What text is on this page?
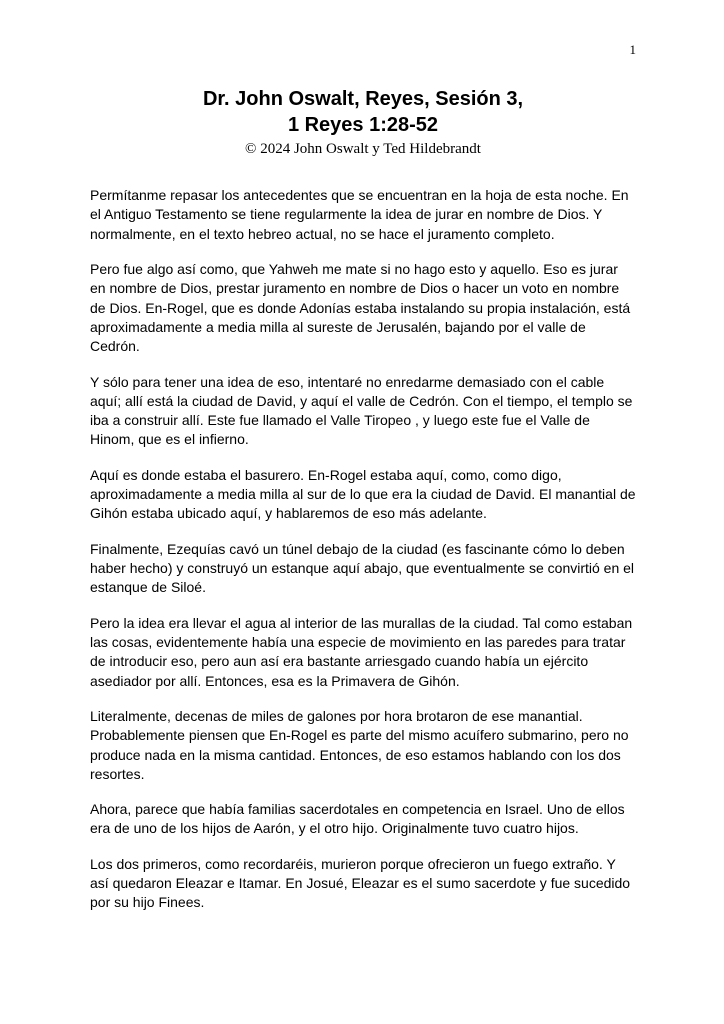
1
Dr. John Oswalt, Reyes, Sesión 3,
1 Reyes 1:28-52
© 2024 John Oswalt y Ted Hildebrandt

Permítanme repasar los antecedentes que se encuentran en la hoja de esta noche. En el Antiguo Testamento se tiene regularmente la idea de jurar en nombre de Dios. Y normalmente, en el texto hebreo actual, no se hace el juramento completo.

Pero fue algo así como, que Yahweh me mate si no hago esto y aquello. Eso es jurar en nombre de Dios, prestar juramento en nombre de Dios o hacer un voto en nombre de Dios. En-Rogel, que es donde Adonías estaba instalando su propia instalación, está aproximadamente a media milla al sureste de Jerusalén, bajando por el valle de Cedrón.

Y sólo para tener una idea de eso, intentaré no enredarme demasiado con el cable aquí; allí está la ciudad de David, y aquí el valle de Cedrón. Con el tiempo, el templo se iba a construir allí. Este fue llamado el Valle Tiropeo , y luego este fue el Valle de Hinom, que es el infierno.

Aquí es donde estaba el basurero. En-Rogel estaba aquí, como, como digo, aproximadamente a media milla al sur de lo que era la ciudad de David. El manantial de Gihón estaba ubicado aquí, y hablaremos de eso más adelante.

Finalmente, Ezequías cavó un túnel debajo de la ciudad (es fascinante cómo lo deben haber hecho) y construyó un estanque aquí abajo, que eventualmente se convirtió en el estanque de Siloé.

Pero la idea era llevar el agua al interior de las murallas de la ciudad. Tal como estaban las cosas, evidentemente había una especie de movimiento en las paredes para tratar de introducir eso, pero aun así era bastante arriesgado cuando había un ejército asediador por allí. Entonces, esa es la Primavera de Gihón.

Literalmente, decenas de miles de galones por hora brotaron de ese manantial. Probablemente piensen que En-Rogel es parte del mismo acuífero submarino, pero no produce nada en la misma cantidad. Entonces, de eso estamos hablando con los dos resortes.

Ahora, parece que había familias sacerdotales en competencia en Israel. Uno de ellos era de uno de los hijos de Aarón, y el otro hijo. Originalmente tuvo cuatro hijos.

Los dos primeros, como recordaréis, murieron porque ofrecieron un fuego extraño. Y así quedaron Eleazar e Itamar. En Josué, Eleazar es el sumo sacerdote y fue sucedido por su hijo Finees.
